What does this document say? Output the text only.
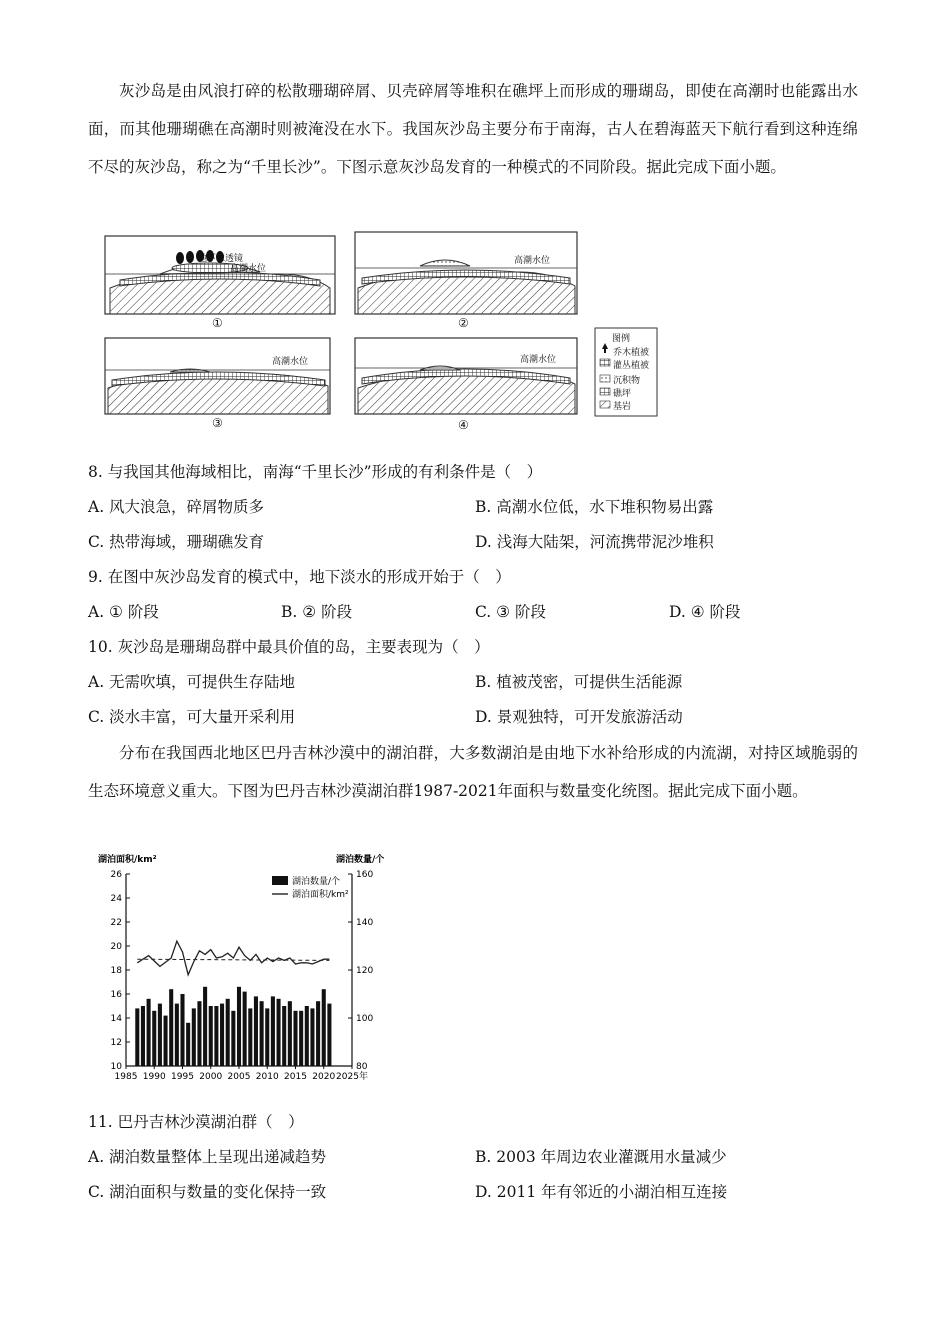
灰沙岛是由风浪打碎的松散珊瑚碎屑、贝壳碎屑等堆积在礁坪上而形成的珊瑚岛，即使在高潮时也能露出水面，而其他珊瑚礁在高潮时则被淹没在水下。我国灰沙岛主要分布于南海，古人在碧海蓝天下航行看到这种连绵不尽的灰沙岛，称之为“千里长沙”。下图示意灰沙岛发育的一种模式的不同阶段。据此完成下面小题。

地下水透镜
高潮水位
高潮水位
高潮水位	高潮水位
①	②
③	④
图例
乔木植被
灌丛植被
沉积物
礁坪
基岩

8. 与我国其他海域相比，南海“千里长沙”形成的有利条件是（　）

A. 风大浪急，碎屑物质多	B. 高潮水位低，水下堆积物易出露

C. 热带海域，珊瑚礁发育	D. 浅海大陆架，河流携带泥沙堆积

9. 在图中灰沙岛发育的模式中，地下淡水的形成开始于（　）

A. ① 阶段	B. ② 阶段	C. ③ 阶段	D. ④ 阶段

10. 灰沙岛是珊瑚岛群中最具价值的岛，主要表现为（　）

A. 无需吹填，可提供生存陆地	B. 植被茂密，可提供生活能源

C. 淡水丰富，可大量开采利用	D. 景观独特，可开发旅游活动

分布在我国西北地区巴丹吉林沙漠中的湖泊群，大多数湖泊是由地下水补给形成的内流湖，对持区域脆弱的生态环境意义重大。下图为巴丹吉林沙漠湖泊群1987-2021年面积与数量变化统图。据此完成下面小题。

10
12
14
16
18
20
22
24
26
80
100
120
140
160
1985 1990 1995 2000 2005 2010 2015 2020 2025年
湖泊面积/km²	湖泊数量/个
湖泊数量/个
湖泊面积/km²

11. 巴丹吉林沙漠湖泊群（　）

A. 湖泊数量整体上呈现出递减趋势	B. 2003 年周边农业灌溉用水量减少

C. 湖泊面积与数量的变化保持一致	D. 2011 年有邻近的小湖泊相互连接
